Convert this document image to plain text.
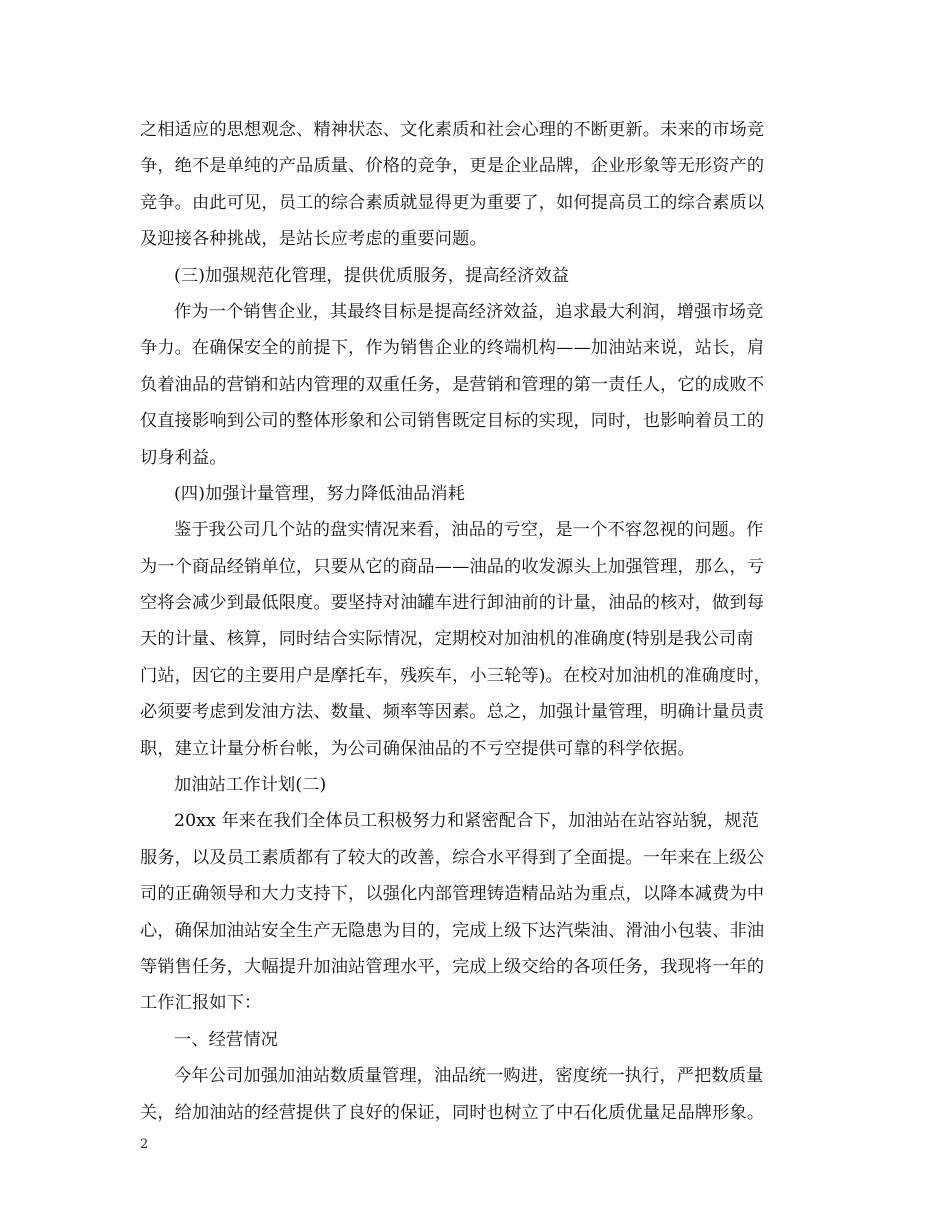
之相适应的思想观念、精神状态、文化素质和社会心理的不断更新。未来的市场竞
争，绝不是单纯的产品质量、价格的竞争，更是企业品牌，企业形象等无形资产的
竞争。由此可见，员工的综合素质就显得更为重要了，如何提高员工的综合素质以
及迎接各种挑战，是站长应考虑的重要问题。
(三)加强规范化管理，提供优质服务，提高经济效益
作为一个销售企业，其最终目标是提高经济效益，追求最大利润，增强市场竞
争力。在确保安全的前提下，作为销售企业的终端机构——加油站来说，站长，肩
负着油品的营销和站内管理的双重任务，是营销和管理的第一责任人，它的成败不
仅直接影响到公司的整体形象和公司销售既定目标的实现，同时，也影响着员工的
切身利益。
(四)加强计量管理，努力降低油品消耗
鉴于我公司几个站的盘实情况来看，油品的亏空，是一个不容忽视的问题。作
为一个商品经销单位，只要从它的商品——油品的收发源头上加强管理，那么，亏
空将会减少到最低限度。要坚持对油罐车进行卸油前的计量，油品的核对，做到每
天的计量、核算，同时结合实际情况，定期校对加油机的准确度(特别是我公司南
门站，因它的主要用户是摩托车，残疾车，小三轮等)。在校对加油机的准确度时，
必须要考虑到发油方法、数量、频率等因素。总之，加强计量管理，明确计量员责
职，建立计量分析台帐，为公司确保油品的不亏空提供可靠的科学依据。
加油站工作计划(二)
20xx 年来在我们全体员工积极努力和紧密配合下，加油站在站容站貌，规范
服务，以及员工素质都有了较大的改善，综合水平得到了全面提。一年来在上级公
司的正确领导和大力支持下，以强化内部管理铸造精品站为重点，以降本减费为中
心，确保加油站安全生产无隐患为目的，完成上级下达汽柴油、滑油小包装、非油
等销售任务，大幅提升加油站管理水平，完成上级交给的各项任务，我现将一年的
工作汇报如下：
一、经营情况
今年公司加强加油站数质量管理，油品统一购进，密度统一执行，严把数质量
关，给加油站的经营提供了良好的保证，同时也树立了中石化质优量足品牌形象。
2
